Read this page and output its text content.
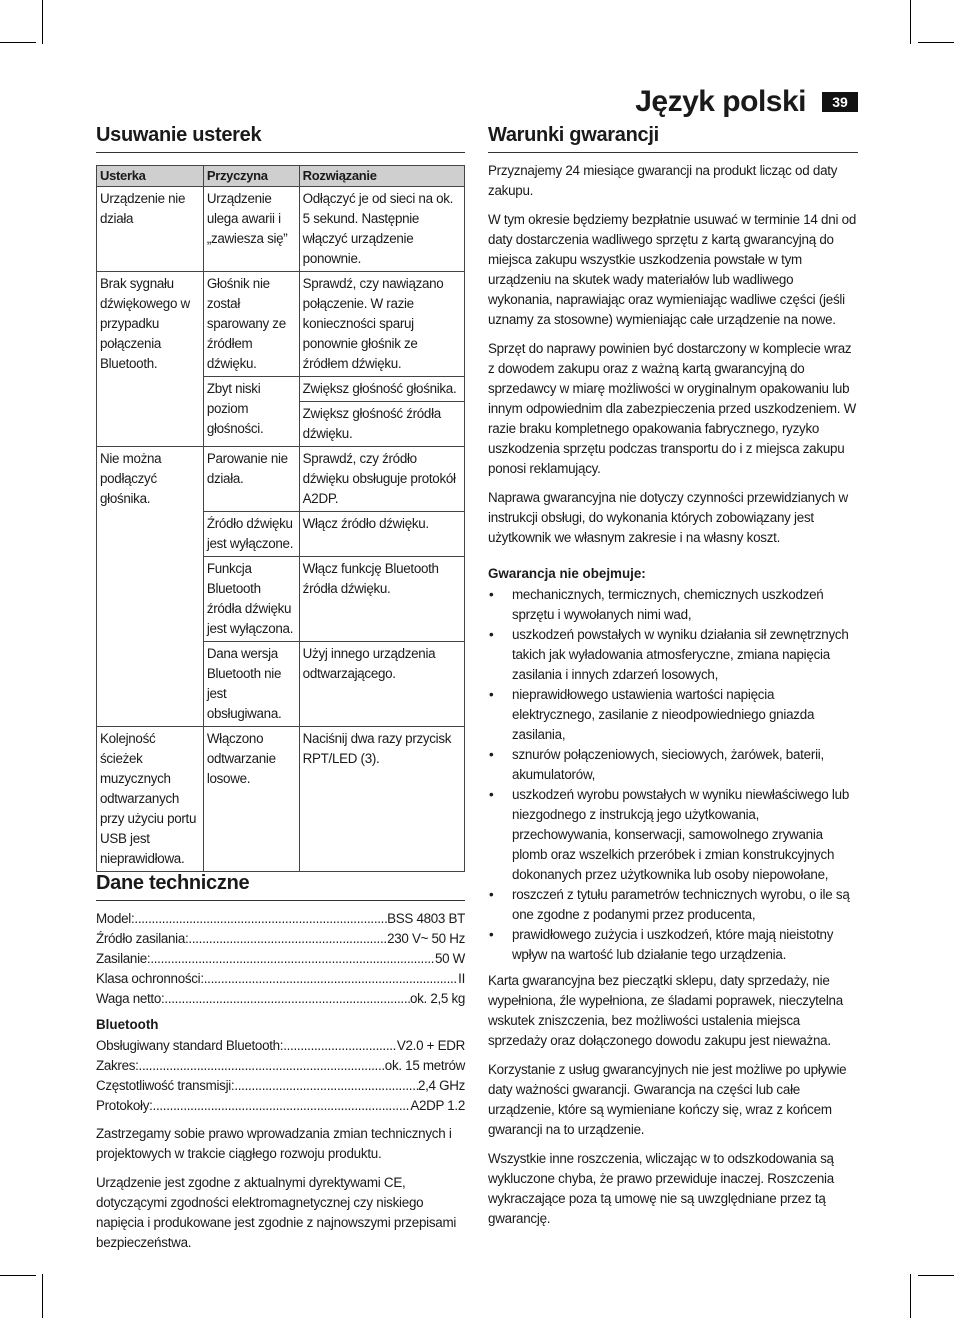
Język polski	39
Usuwanie usterek
Usterka	Przyczyna	Rozwiązanie
Urządzenie nie działa	Urządzenie ulega awarii i „zawiesza się”	Odłączyć je od sieci na ok. 5 sekund. Następnie włączyć urządzenie ponownie.
Brak sygnału dźwiękowego w przypadku połączenia Bluetooth.	Głośnik nie został sparowany ze źródłem dźwięku.	Sprawdź, czy nawiązano połączenie. W razie konieczności sparuj ponownie głośnik ze źródłem dźwięku.
	Zbyt niski poziom głośności.	Zwiększ głośność głośnika.
		Zwiększ głośność źródła dźwięku.
Nie można podłączyć głośnika.	Parowanie nie działa.	Sprawdź, czy źródło dźwięku obsługuje protokół A2DP.
	Źródło dźwięku jest wyłączone.	Włącz źródło dźwięku.
	Funkcja Bluetooth źródła dźwięku jest wyłączona.	Włącz funkcję Bluetooth źródła dźwięku.
	Dana wersja Bluetooth nie jest obsługiwana.	Użyj innego urządzenia odtwarzającego.
Kolejność ścieżek muzycznych odtwarzanych przy użyciu portu USB jest nieprawidłowa.	Włączono odtwarzanie losowe.	Naciśnij dwa razy przycisk RPT/LED (3).
Dane techniczne
Model: .....	BSS 4803 BT
Źródło zasilania: .....	230 V~ 50 Hz
Zasilanie: .....	50 W
Klasa ochronności: .....	II
Waga netto: .....	ok. 2,5 kg
Bluetooth
Obsługiwany standard Bluetooth: .....	V2.0 + EDR
Zakres: .....	ok. 15 metrów
Częstotliwość transmisji: .....	2,4 GHz
Protokoły: .....	A2DP 1.2

Zastrzegamy sobie prawo wprowadzania zmian technicznych i projektowych w trakcie ciągłego rozwoju produktu.

Urządzenie jest zgodne z aktualnymi dyrektywami CE, dotyczącymi zgodności elektromagnetycznej czy niskiego napięcia i produkowane jest zgodnie z najnowszymi przepisami bezpieczeństwa.

Warunki gwarancji

Przyznajemy 24 miesiące gwarancji na produkt licząc od daty zakupu.

W tym okresie będziemy bezpłatnie usuwać w terminie 14 dni od daty dostarczenia wadliwego sprzętu z kartą gwarancyjną do miejsca zakupu wszystkie uszkodzenia powstałe w tym urządzeniu na skutek wady materiałów lub wadliwego wykonania, naprawiając oraz wymieniając wadliwe części (jeśli uznamy za stosowne) wymieniając całe urządzenie na nowe.

Sprzęt do naprawy powinien być dostarczony w komplecie wraz z dowodem zakupu oraz z ważną kartą gwarancyjną do sprzedawcy w miarę możliwości w oryginalnym opakowaniu lub innym odpowiednim dla zabezpieczenia przed uszkodzeniem. W razie braku kompletnego opakowania fabrycznego, ryzyko uszkodzenia sprzętu podczas transportu do i z miejsca zakupu ponosi reklamujący.

Naprawa gwarancyjna nie dotyczy czynności przewidzianych w instrukcji obsługi, do wykonania których zobowiązany jest użytkownik we własnym zakresie i na własny koszt.

Gwarancja nie obejmuje:
• mechanicznych, termicznych, chemicznych uszkodzeń sprzętu i wywołanych nimi wad,
• uszkodzeń powstałych w wyniku działania sił zewnętrznych takich jak wyładowania atmosferyczne, zmiana napięcia zasilania i innych zdarzeń losowych,
• nieprawidłowego ustawienia wartości napięcia elektrycznego, zasilanie z nieodpowiedniego gniazda zasilania,
• sznurów połączeniowych, sieciowych, żarówek, baterii, akumulatorów,
• uszkodzeń wyrobu powstałych w wyniku niewłaściwego lub niezgodnego z instrukcją jego użytkowania, przechowywania, konserwacji, samowolnego zrywania plomb oraz wszelkich przeróbek i zmian konstrukcyjnych dokonanych przez użytkownika lub osoby niepowołane,
• roszczeń z tytułu parametrów technicznych wyrobu, o ile są one zgodne z podanymi przez producenta,
• prawidłowego zużycia i uszkodzeń, które mają nieistotny wpływ na wartość lub działanie tego urządzenia.

Karta gwarancyjna bez pieczątki sklepu, daty sprzedaży, nie wypełniona, źle wypełniona, ze śladami poprawek, nieczytelna wskutek zniszczenia, bez możliwości ustalenia miejsca sprzedaży oraz dołączonego dowodu zakupu jest nieważna.

Korzystanie z usług gwarancyjnych nie jest możliwe po upływie daty ważności gwarancji. Gwarancja na części lub całe urządzenie, które są wymieniane kończy się, wraz z końcem gwarancji na to urządzenie.

Wszystkie inne roszczenia, wliczając w to odszkodowania są wykluczone chyba, że prawo przewiduje inaczej. Roszczenia wykraczające poza tą umowę nie są uwzględniane przez tą gwarancję.
